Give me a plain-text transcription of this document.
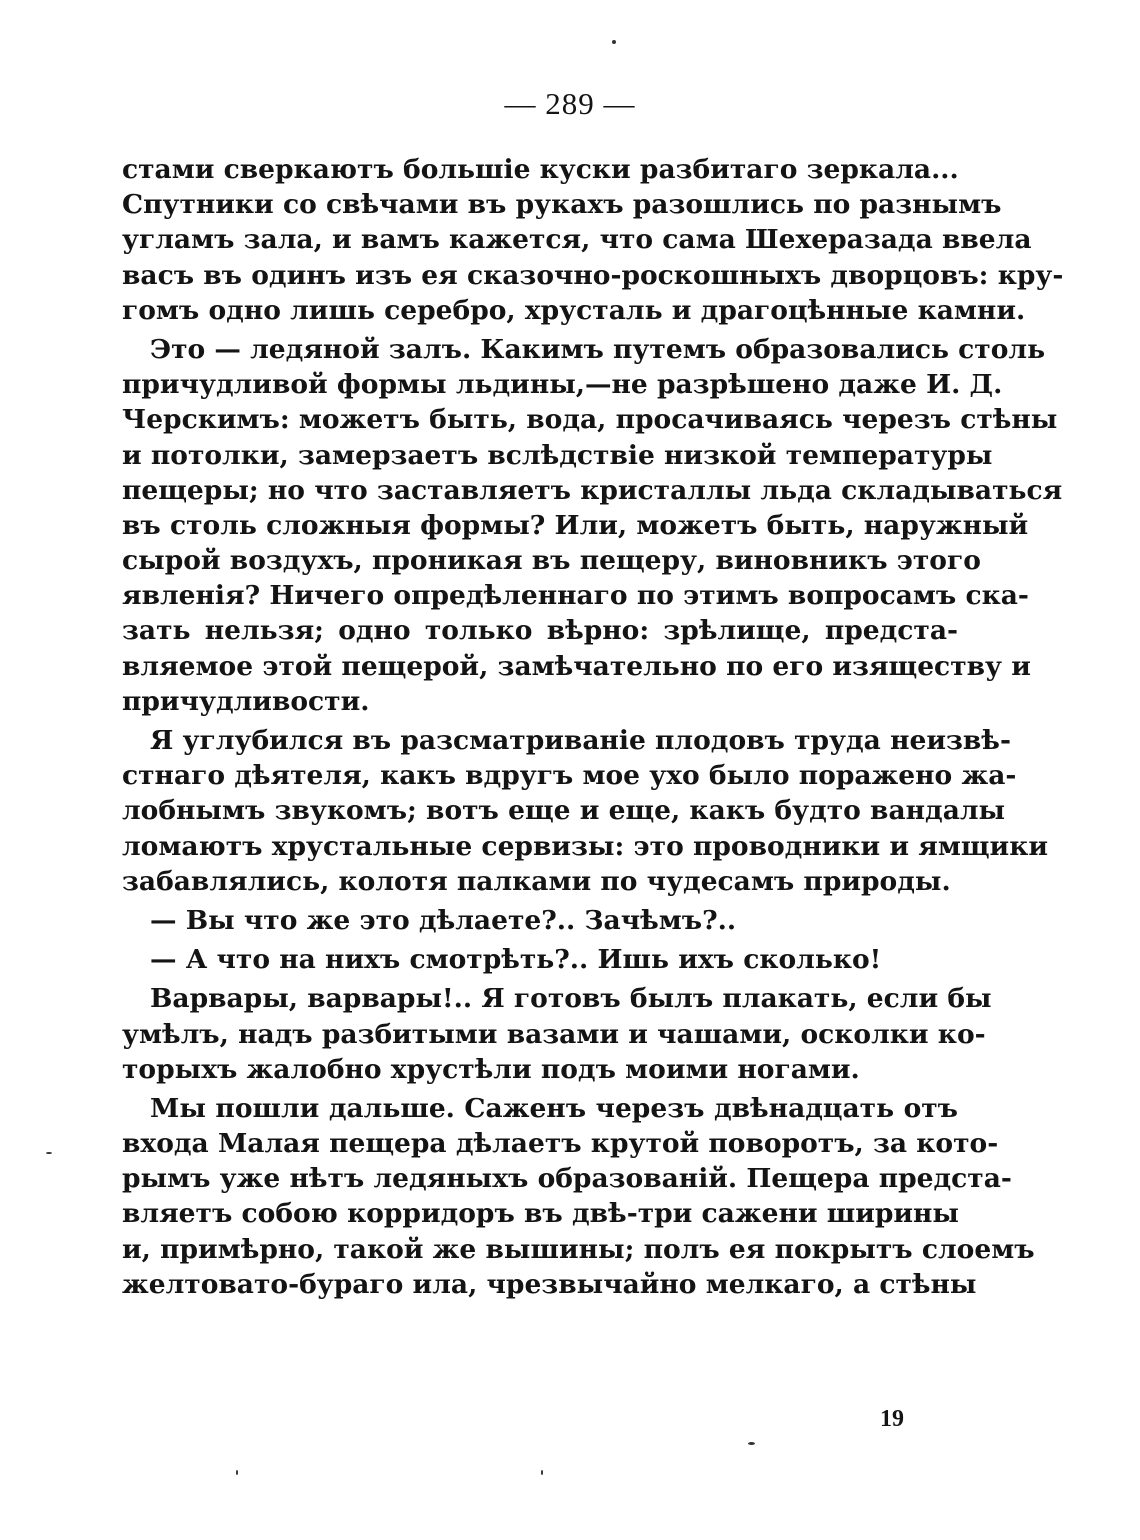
— 289 —
стами сверкаютъ большіе куски разбитаго зеркала...
Спутники со свѣчами въ рукахъ разошлись по разнымъ
угламъ зала, и вамъ кажется, что сама Шехеразада ввела
васъ въ одинъ изъ ея сказочно-роскошныхъ дворцовъ: кру-
гомъ одно лишь серебро, хрусталь и драгоцѣнные камни.
Это — ледяной залъ. Какимъ путемъ образовались столь
причудливой формы льдины,—не разрѣшено даже И. Д.
Черскимъ: можетъ быть, вода, просачиваясь черезъ стѣны
и потолки, замерзаетъ вслѣдствіе низкой температуры
пещеры; но что заставляетъ кристаллы льда складываться
въ столь сложныя формы? Или, можетъ быть, наружный
сырой воздухъ, проникая въ пещеру, виновникъ этого
явленія? Ничего опредѣленнаго по этимъ вопросамъ ска-
зать нельзя; одно только вѣрно: зрѣлище, предста-
вляемое этой пещерой, замѣчательно по его изяществу и
причудливости.
Я углубился въ разсматриваніе плодовъ труда неизвѣ-
стнаго дѣятеля, какъ вдругъ мое ухо было поражено жа-
лобнымъ звукомъ; вотъ еще и еще, какъ будто вандалы
ломаютъ хрустальные сервизы: это проводники и ямщики
забавлялись, колотя палками по чудесамъ природы.
— Вы что же это дѣлаете?.. Зачѣмъ?..
— А что на нихъ смотрѣть?.. Ишь ихъ сколько!
Варвары, варвары!.. Я готовъ былъ плакать, если бы
умѣлъ, надъ разбитыми вазами и чашами, осколки ко-
торыхъ жалобно хрустѣли подъ моими ногами.
Мы пошли дальше. Саженъ черезъ двѣнадцать отъ
входа Малая пещера дѣлаетъ крутой поворотъ, за кото-
рымъ уже нѣтъ ледяныхъ образованій. Пещера предста-
вляетъ собою корридоръ въ двѣ-три сажени ширины
и, примѣрно, такой же вышины; полъ ея покрытъ слоемъ
желтовато-бураго ила, чрезвычайно мелкаго, а стѣны
19
